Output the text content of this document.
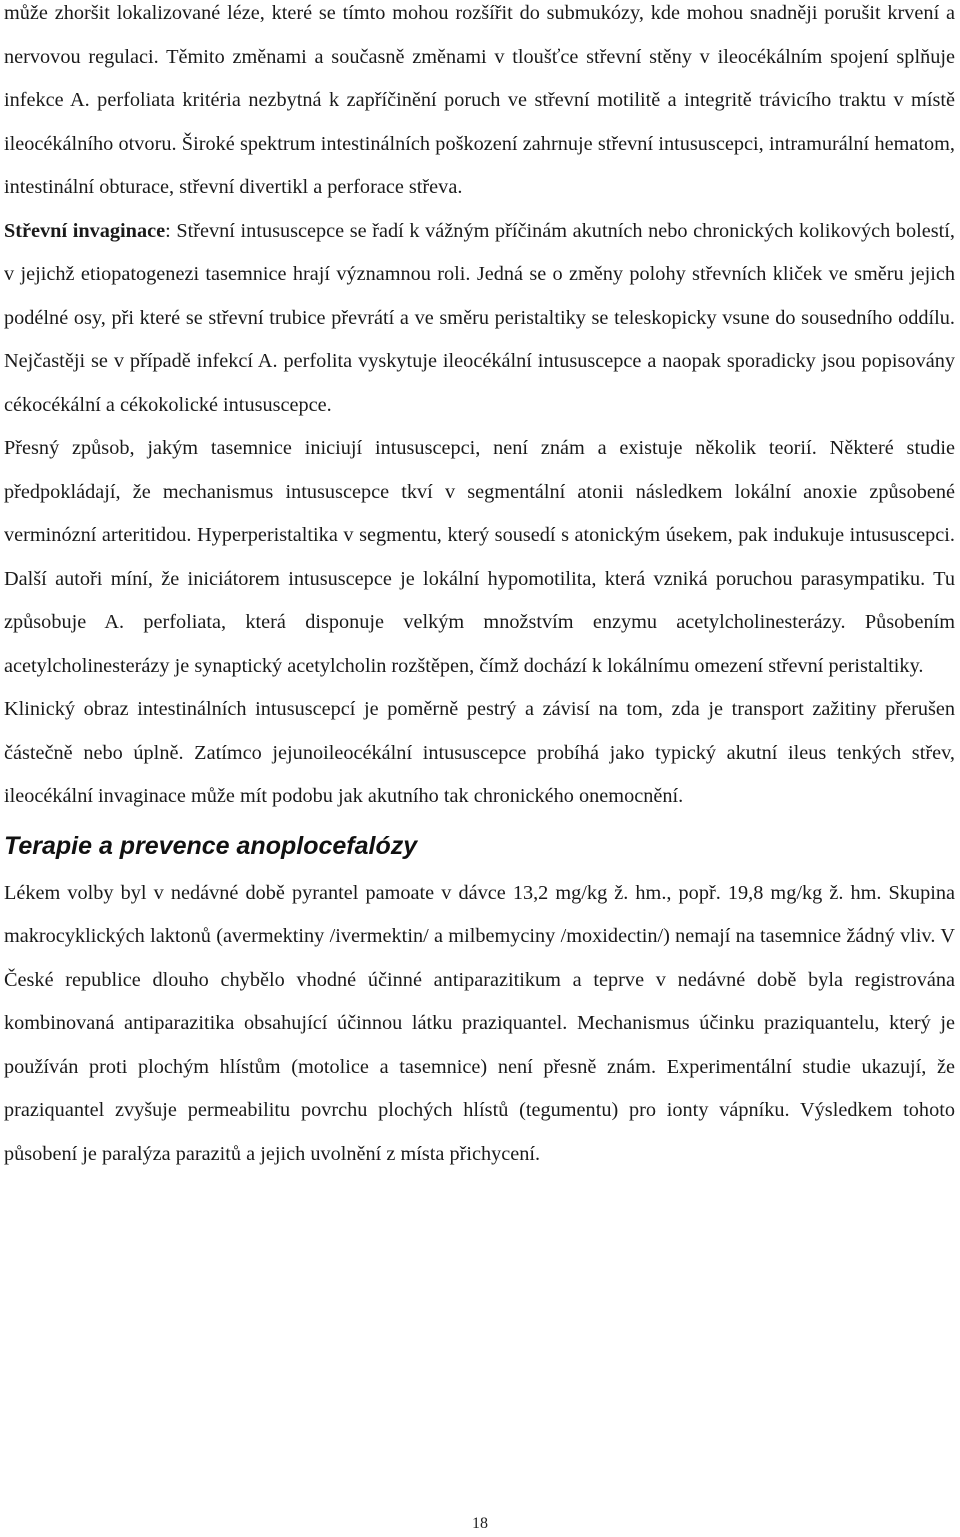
může zhoršit lokalizované léze, které se tímto mohou rozšířit do submukózy, kde mohou snadněji porušit krvení a nervovou regulaci. Těmito změnami a současně změnami v tloušťce střevní stěny v ileocékálním spojení splňuje infekce A. perfoliata kritéria nezbytná k zapříčinění poruch ve střevní motilitě a integritě trávicího traktu v místě ileocékálního otvoru. Široké spektrum intestinálních poškození zahrnuje střevní intususcepci, intramurální hematom, intestinální obturace, střevní divertikl a perforace střeva.

Střevní invaginace: Střevní intususcepce se řadí k vážným příčinám akutních nebo chronických kolikových bolestí, v jejichž etiopatogenezi tasemnice hrají významnou roli. Jedná se o změny polohy střevních kliček ve směru jejich podélné osy, při které se střevní trubice převrátí a ve směru peristaltiky se teleskopicky vsune do sousedního oddílu. Nejčastěji se v případě infekcí A. perfolita vyskytuje ileocékální intususcepce a naopak sporadicky jsou popisovány cékocékální a cékokolické intususcepce.

Přesný způsob, jakým tasemnice iniciují intususcepci, není znám a existuje několik teorií. Některé studie předpokládají, že mechanismus intususcepce tkví v segmentální atonii následkem lokální anoxie způsobené verminózní arteritidou. Hyperperistaltika v segmentu, který sousedí s atonickým úsekem, pak indukuje intususcepci. Další autoři míní, že iniciátorem intususcepce je lokální hypomotilita, která vzniká poruchou parasympatiku. Tu způsobuje A. perfoliata, která disponuje velkým množstvím enzymu acetylcholinesterázy. Působením acetylcholinesterázy je synaptický acetylcholin rozštěpen, čímž dochází k lokálnímu omezení střevní peristaltiky.

Klinický obraz intestinálních intususcepcí je poměrně pestrý a závisí na tom, zda je transport zažitiny přerušen částečně nebo úplně. Zatímco jejunoileocékální intususcepce probíhá jako typický akutní ileus tenkých střev, ileocékální invaginace může mít podobu jak akutního tak chronického onemocnění.

Terapie a prevence anoplocefalózy

Lékem volby byl v nedávné době pyrantel pamoate v dávce 13,2 mg/kg ž. hm., popř. 19,8 mg/kg ž. hm. Skupina makrocyklických laktonů (avermektiny /ivermektin/ a milbemyciny /moxidectin/) nemají na tasemnice žádný vliv. V České republice dlouho chybělo vhodné účinné antiparazitikum a teprve v nedávné době byla registrována kombinovaná antiparazitika obsahující účinnou látku praziquantel. Mechanismus účinku praziquantelu, který je používán proti plochým hlístům (motolice a tasemnice) není přesně znám. Experimentální studie ukazují, že praziquantel zvyšuje permeabilitu povrchu plochých hlístů (tegumentu) pro ionty vápníku. Výsledkem tohoto působení je paralýza parazitů a jejich uvolnění z místa přichycení.

18
